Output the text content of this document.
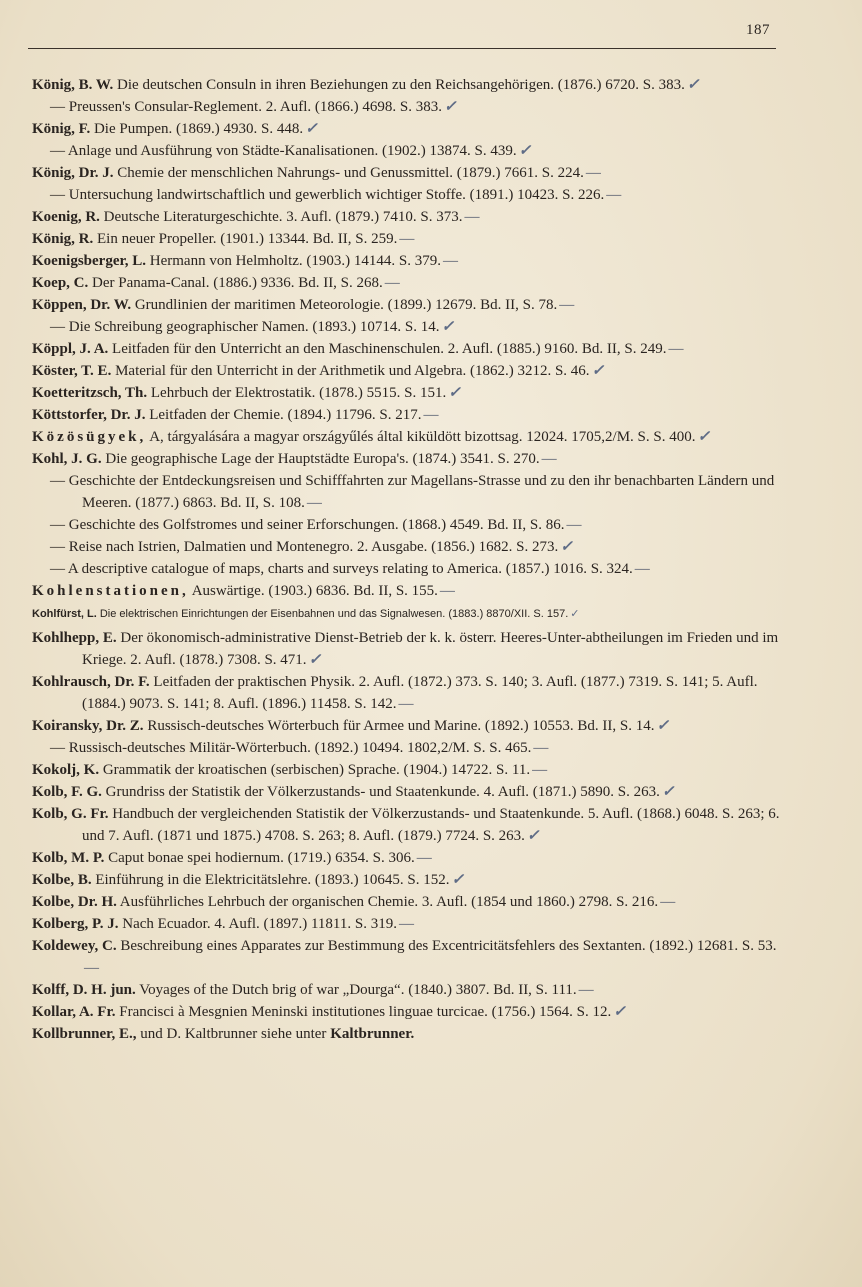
187

König, B. W. Die deutschen Consuln in ihren Beziehungen zu den Reichsangehörigen. (1876.) 6720. S. 383. ✓

— Preussen's Consular-Reglement. 2. Aufl. (1866.) 4698. S. 383. ✓

König, F. Die Pumpen. (1869.) 4930. S. 448. ✓

— Anlage und Ausführung von Städte-Kanalisationen. (1902.) 13874. S. 439. ✓

König, Dr. J. Chemie der menschlichen Nahrungs- und Genussmittel. (1879.) 7661. S. 224. —

— Untersuchung landwirtschaftlich und gewerblich wichtiger Stoffe. (1891.) 10423. S. 226. —

Koenig, R. Deutsche Literaturgeschichte. 3. Aufl. (1879.) 7410. S. 373. —

König, R. Ein neuer Propeller. (1901.) 13344. Bd. II, S. 259. —

Koenigsberger, L. Hermann von Helmholtz. (1903.) 14144. S. 379. —

Koep, C. Der Panama-Canal. (1886.) 9336. Bd. II, S. 268. —

Köppen, Dr. W. Grundlinien der maritimen Meteorologie. (1899.) 12679. Bd. II, S. 78. —

— Die Schreibung geographischer Namen. (1893.) 10714. S. 14. ✓

Köppl, J. A. Leitfaden für den Unterricht an den Maschinenschulen. 2. Aufl. (1885.) 9160. Bd. II, S. 249. —

Köster, T. E. Material für den Unterricht in der Arithmetik und Algebra. (1862.) 3212. S. 46. ✓

Koetteritzsch, Th. Lehrbuch der Elektrostatik. (1878.) 5515. S. 151. ✓

Köttstorfer, Dr. J. Leitfaden der Chemie. (1894.) 11796. S. 217. —

Közösügyek, A, tárgyalására a magyar országyűlés által kiküldött bizottsag. 12024. 1705,2/M. S. S. 400. ✓

Kohl, J. G. Die geographische Lage der Hauptstädte Europa's. (1874.) 3541. S. 270. —

— Geschichte der Entdeckungsreisen und Schifffahrten zur Magellans-Strasse und zu den ihr benachbarten Ländern und Meeren. (1877.) 6863. Bd. II, S. 108. —

— Geschichte des Golfstromes und seiner Erforschungen. (1868.) 4549. Bd. II, S. 86. —

— Reise nach Istrien, Dalmatien und Montenegro. 2. Ausgabe. (1856.) 1682. S. 273. ✓

— A descriptive catalogue of maps, charts and surveys relating to America. (1857.) 1016. S. 324. —

Kohlenstationen, Auswärtige. (1903.) 6836. Bd. II, S. 155. —

Kohlfürst, L. Die elektrischen Einrichtungen der Eisenbahnen und das Signalwesen. (1883.) 8870/XII. S. 157. ✓

Kohlhepp, E. Der ökonomisch-administrative Dienst-Betrieb der k. k. österr. Heeres-Unter-abtheilungen im Frieden und im Kriege. 2. Aufl. (1878.) 7308. S. 471. ✓

Kohlrausch, Dr. F. Leitfaden der praktischen Physik. 2. Aufl. (1872.) 373. S. 140; 3. Aufl. (1877.) 7319. S. 141; 5. Aufl. (1884.) 9073. S. 141; 8. Aufl. (1896.) 11458. S. 142. —

Koiransky, Dr. Z. Russisch-deutsches Wörterbuch für Armee und Marine. (1892.) 10553. Bd. II, S. 14. ✓

— Russisch-deutsches Militär-Wörterbuch. (1892.) 10494. 1802,2/M. S. S. 465. —

Kokolj, K. Grammatik der kroatischen (serbischen) Sprache. (1904.) 14722. S. 11. —

Kolb, F. G. Grundriss der Statistik der Völkerzustands- und Staatenkunde. 4. Aufl. (1871.) 5890. S. 263. ✓

Kolb, G. Fr. Handbuch der vergleichenden Statistik der Völkerzustands- und Staatenkunde. 5. Aufl. (1868.) 6048. S. 263; 6. und 7. Aufl. (1871 und 1875.) 4708. S. 263; 8. Aufl. (1879.) 7724. S. 263. ✓

Kolb, M. P. Caput bonae spei hodiernum. (1719.) 6354. S. 306. —

Kolbe, B. Einführung in die Elektricitätslehre. (1893.) 10645. S. 152. ✓

Kolbe, Dr. H. Ausführliches Lehrbuch der organischen Chemie. 3. Aufl. (1854 und 1860.) 2798. S. 216. —

Kolberg, P. J. Nach Ecuador. 4. Aufl. (1897.) 11811. S. 319. —

Koldewey, C. Beschreibung eines Apparates zur Bestimmung des Excentricitätsfehlers des Sextanten. (1892.) 12681. S. 53.—

Kolff, D. H. jun. Voyages of the Dutch brig of war „Dourga“. (1840.) 3807. Bd. II, S. 111. —

Kollar, A. Fr. Francisci à Mesgnien Meninski institutiones linguae turcicae. (1756.) 1564. S. 12. ✓

Kollbrunner, E., und D. Kaltbrunner siehe unter Kaltbrunner.
